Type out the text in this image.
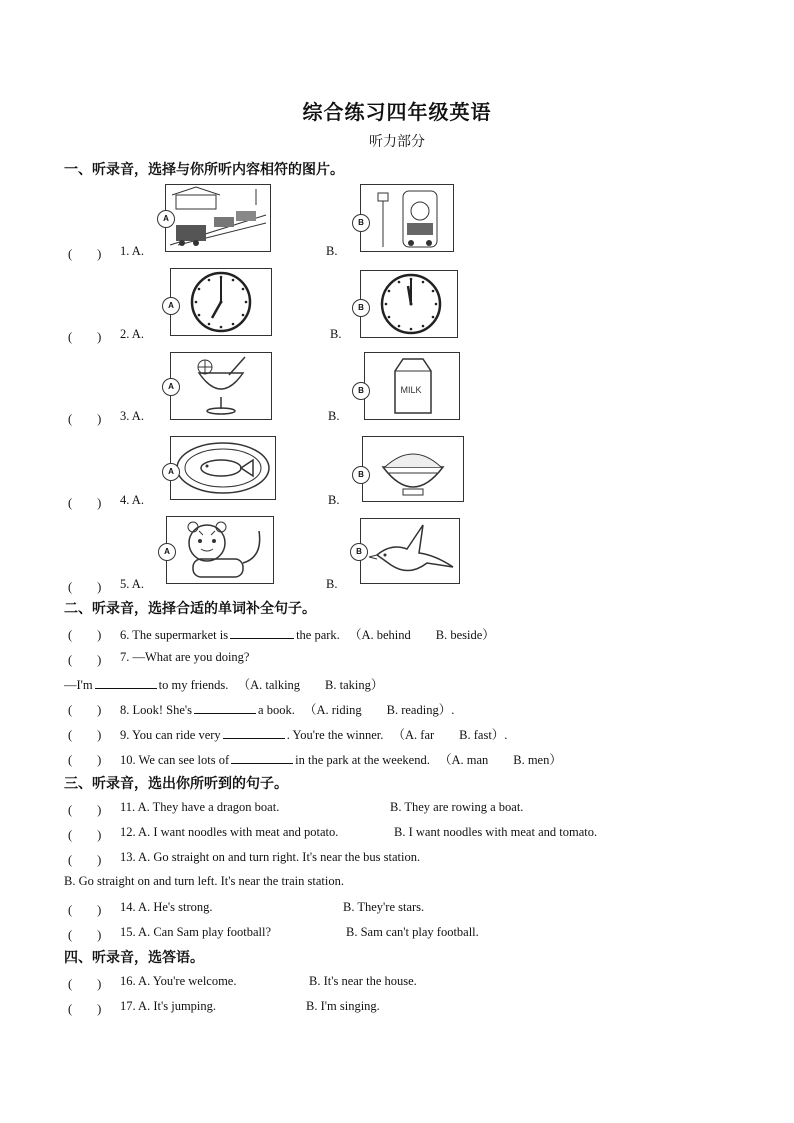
综合练习四年级英语
听力部分
一、听录音，选择与你所听内容相符的图片。
A	B
(　　) 1. A.	B.
A	B
(　　) 2. A.	B.
A	MILK
B
(　　) 3. A.	B.
A	B
(　　) 4. A.	B.
A	B
(　　) 5. A.	B.
二、听录音，选择合适的单词补全句子。
(　　) 6. The supermarket is	the park. （A. behind　　B. beside）
(　　) 7. —What are you doing?
—I'm	to my friends. （A. talking　　B. taking）
(　　) 8. Look! She's	a book. （A. riding　　B. reading）.
(　　) 9. You can ride very	. You're the winner. （A. far　　B. fast）.
(　　) 10. We can see lots of	in the park at the weekend. （A. man　　B. men）
三、听录音，选出你所听到的句子。
(　　) 11. A. They have a dragon boat.	B. They are rowing a boat.
(　　) 12. A. I want noodles with meat and potato.	B. I want noodles with meat and tomato.
(　　) 13. A. Go straight on and turn right. It's near the bus station.
B. Go straight on and turn left. It's near the train station.
(　　) 14. A. He's strong.	B. They're stars.
(　　) 15. A. Can Sam play football?	B. Sam can't play football.
四、听录音，选答语。
(　　) 16. A. You're welcome.	B. It's near the house.
(　　) 17. A. It's jumping.	B. I'm singing.
